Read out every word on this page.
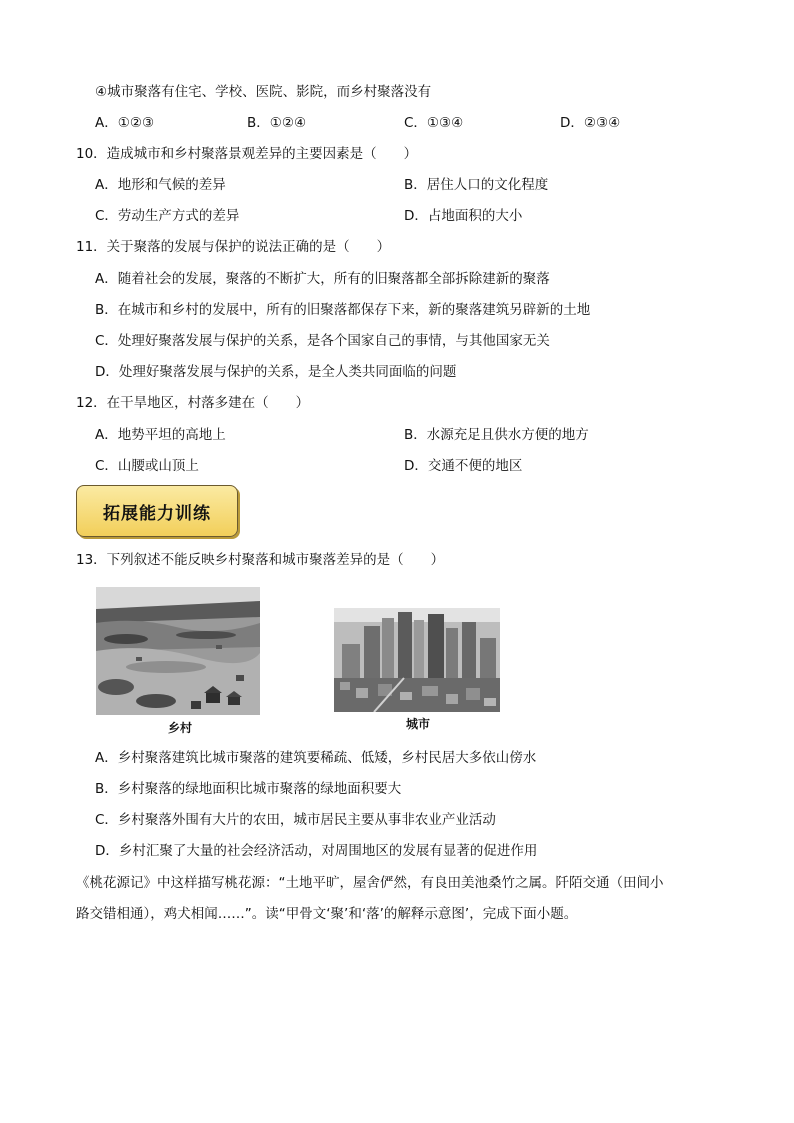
④城市聚落有住宅、学校、医院、影院，而乡村聚落没有
A．①②③	B．①②④	C．①③④	D．②③④
10．造成城市和乡村聚落景观差异的主要因素是（　　）
A．地形和气候的差异	B．居住人口的文化程度
C．劳动生产方式的差异	D．占地面积的大小
11．关于聚落的发展与保护的说法正确的是（　　）
A．随着社会的发展，聚落的不断扩大，所有的旧聚落都全部拆除建新的聚落
B．在城市和乡村的发展中，所有的旧聚落都保存下来，新的聚落建筑另辟新的土地
C．处理好聚落发展与保护的关系，是各个国家自己的事情，与其他国家无关
D．处理好聚落发展与保护的关系，是全人类共同面临的问题
12．在干旱地区，村落多建在（　　）
A．地势平坦的高地上	B．水源充足且供水方便的地方
C．山腰或山顶上	D．交通不便的地区
拓展能力训练
13．下列叙述不能反映乡村聚落和城市聚落差异的是（　　）
乡村	城市
A．乡村聚落建筑比城市聚落的建筑要稀疏、低矮，乡村民居大多依山傍水
B．乡村聚落的绿地面积比城市聚落的绿地面积要大
C．乡村聚落外围有大片的农田，城市居民主要从事非农业产业活动
D．乡村汇聚了大量的社会经济活动，对周围地区的发展有显著的促进作用
《桃花源记》中这样描写桃花源：“土地平旷，屋舍俨然，有良田美池桑竹之属。阡陌交通（田间小
路交错相通），鸡犬相闻……”。读“甲骨文‘聚’和‘落’的解释示意图’，完成下面小题。
